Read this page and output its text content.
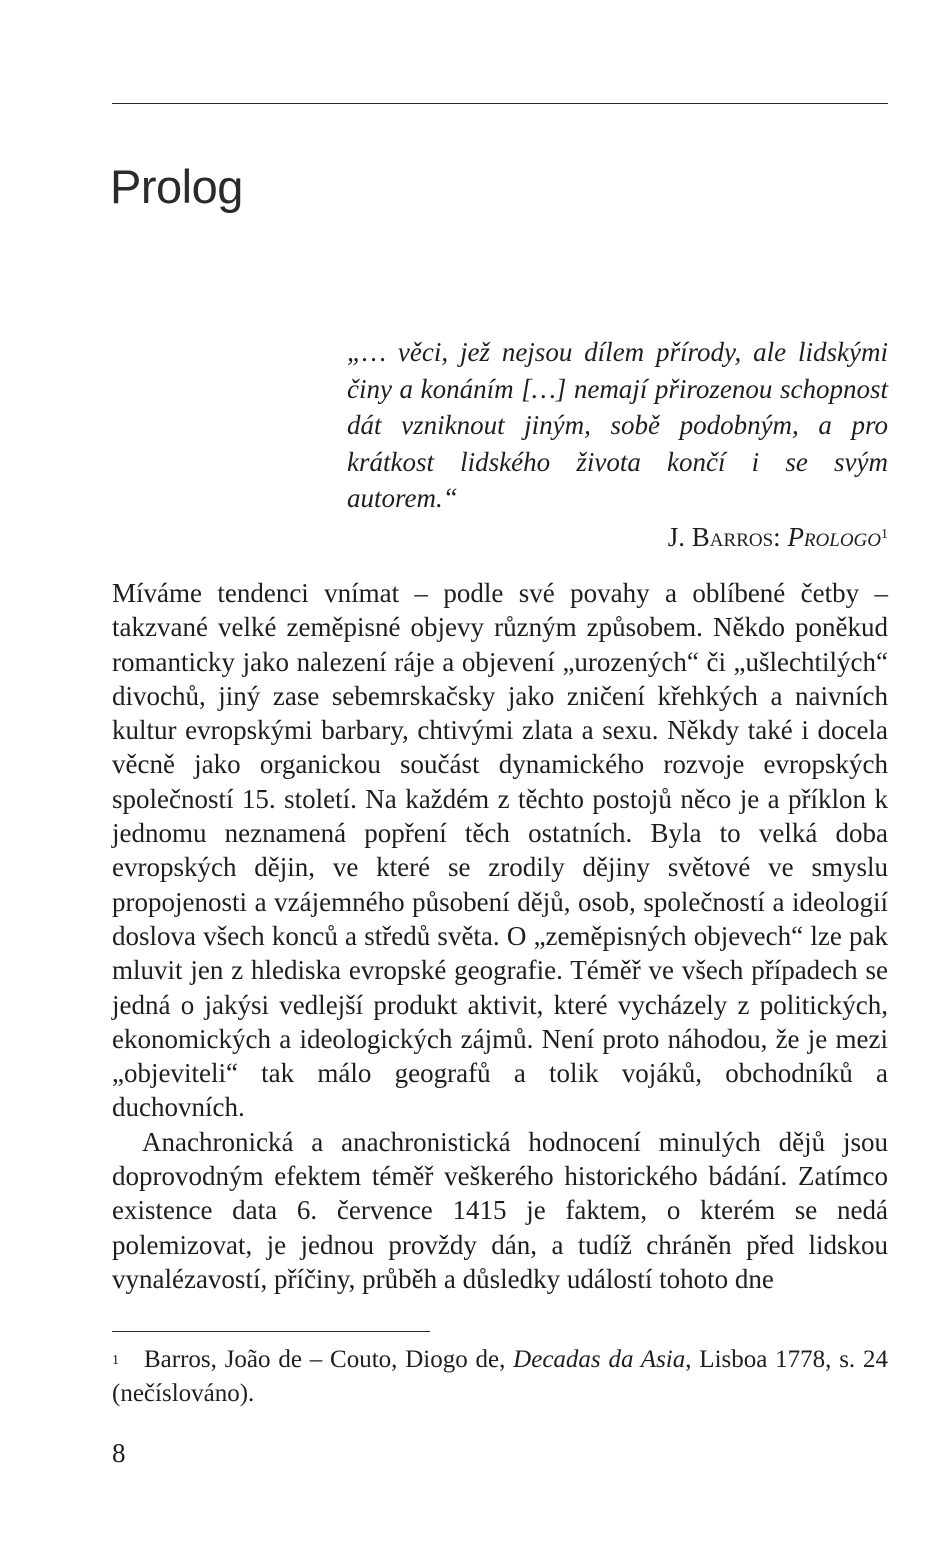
Prolog

„… věci, jež nejsou dílem přírody, ale lidskými činy a konáním […] nemají přirozenou schopnost dát vzniknout jiným, sobě podobným, a pro krátkost lidského života končí i se svým autorem.“

J. Barros: Prologo$^1$

Míváme tendenci vnímat – podle své povahy a oblíbené četby – takzvané velké zeměpisné objevy různým způsobem. Někdo poněkud romanticky jako nalezení ráje a objevení „urozených“ či „ušlechtilých“ divochů, jiný zase sebemrskačsky jako zničení křehkých a naivních kultur evropskými barbary, chtivými zlata a sexu. Někdy také i docela věcně jako organickou součást dynamického rozvoje evropských společností 15. století. Na každém z těchto postojů něco je a příklon k jednomu neznamená popření těch ostatních. Byla to velká doba evropských dějin, ve které se zrodily dějiny světové ve smyslu propojenosti a vzájemného působení dějů, osob, společností a ideologií doslova všech konců a středů světa. O „zeměpisných objevech“ lze pak mluvit jen z hlediska evropské geografie. Téměř ve všech případech se jedná o jakýsi vedlejší produkt aktivit, které vycházely z politických, ekonomických a ideologických zájmů. Není proto náhodou, že je mezi „objeviteli“ tak málo geografů a tolik vojáků, obchodníků a duchovních.

Anachronická a anachronistická hodnocení minulých dějů jsou doprovodným efektem téměř veškerého historického bádání. Zatímco existence data 6. července 1415 je faktem, o kterém se nedá polemizovat, je jednou provždy dán, a tudíž chráněn před lidskou vynalézavostí, příčiny, průběh a důsledky událostí tohoto dne

1 Barros, João de – Couto, Diogo de, Decadas da Asia, Lisboa 1778, s. 24 (nečíslováno).

8
